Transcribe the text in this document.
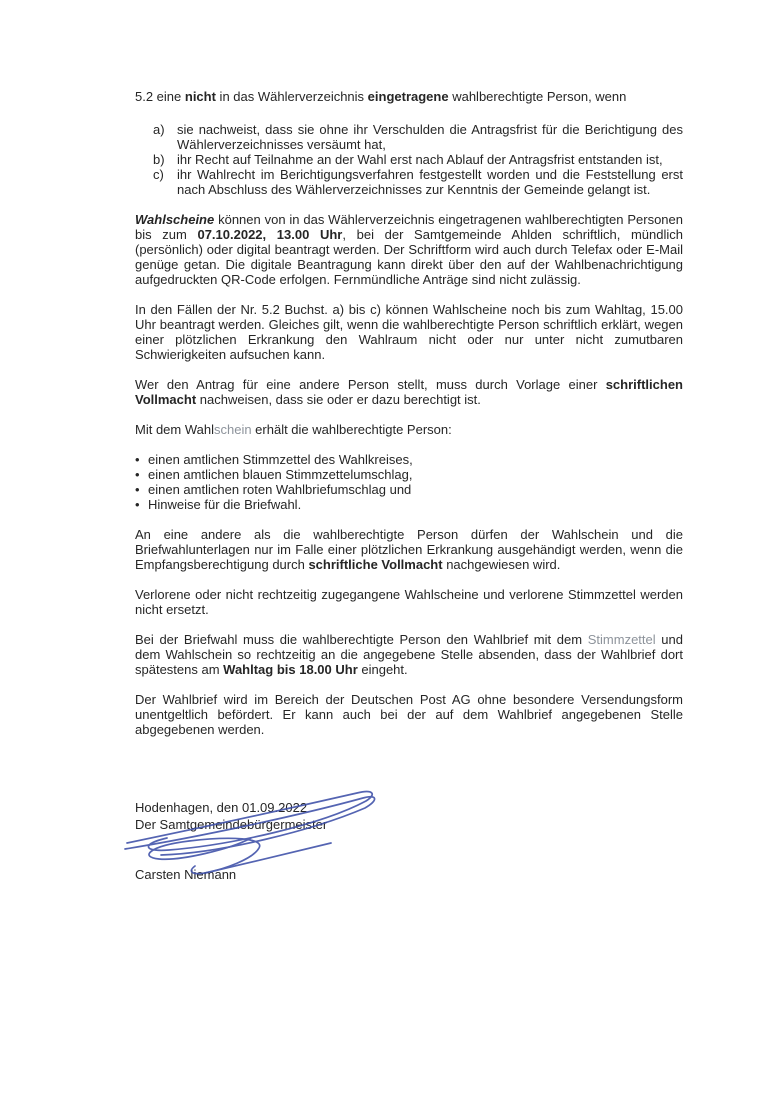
5.2 eine nicht in das Wählerverzeichnis eingetragene wahlberechtigte Person, wenn

a) sie nachweist, dass sie ohne ihr Verschulden die Antragsfrist für die Berichtigung des Wählerverzeichnisses versäumt hat,
b) ihr Recht auf Teilnahme an der Wahl erst nach Ablauf der Antragsfrist entstanden ist,
c)	ihr Wahlrecht im Berichtigungsverfahren festgestellt worden und die Feststellung erst nach Abschluss des Wählerverzeichnisses zur Kenntnis der Gemeinde gelangt ist.

Wahlscheine können von in das Wählerverzeichnis eingetragenen wahlberechtigten Personen bis zum 07.10.2022, 13.00 Uhr, bei der Samtgemeinde Ahlden schriftlich, mündlich (persönlich) oder digital beantragt werden. Der Schriftform wird auch durch Telefax oder E-Mail genüge getan. Die digitale Beantragung kann direkt über den auf der Wahlbenachrichtigung aufgedruckten QR-Code erfolgen. Fernmündliche Anträge sind nicht zulässig.

In den Fällen der Nr. 5.2 Buchst. a) bis c) können Wahlscheine noch bis zum Wahltag, 15.00 Uhr beantragt werden. Gleiches gilt, wenn die wahlberechtigte Person schriftlich erklärt, wegen einer plötzlichen Erkrankung den Wahlraum nicht oder nur unter nicht zumutbaren Schwierigkeiten aufsuchen kann.

Wer den Antrag für eine andere Person stellt, muss durch Vorlage einer schriftlichen Vollmacht nachweisen, dass sie oder er dazu berechtigt ist.

Mit dem Wahlschein erhält die wahlberechtigte Person:

• einen amtlichen Stimmzettel des Wahlkreises,
• einen amtlichen blauen Stimmzettelumschlag,
• einen amtlichen roten Wahlbriefumschlag und
• Hinweise für die Briefwahl.

An eine andere als die wahlberechtigte Person dürfen der Wahlschein und die Briefwahlunterlagen nur im Falle einer plötzlichen Erkrankung ausgehändigt werden, wenn die Empfangsberechtigung durch schriftliche Vollmacht nachgewiesen wird.

Verlorene oder nicht rechtzeitig zugegangene Wahlscheine und verlorene Stimmzettel werden nicht ersetzt.

Bei der Briefwahl muss die wahlberechtigte Person den Wahlbrief mit dem Stimmzettel und dem Wahlschein so rechtzeitig an die angegebene Stelle absenden, dass der Wahlbrief dort spätestens am Wahltag bis 18.00 Uhr eingeht.

Der Wahlbrief wird im Bereich der Deutschen Post AG ohne besondere Versendungsform unentgeltlich befördert. Er kann auch bei der auf dem Wahlbrief angegebenen Stelle abgegebenen werden.

Hodenhagen, den 01.09.2022
Der Samtgemeindebürgermeister
Carsten Niemann
